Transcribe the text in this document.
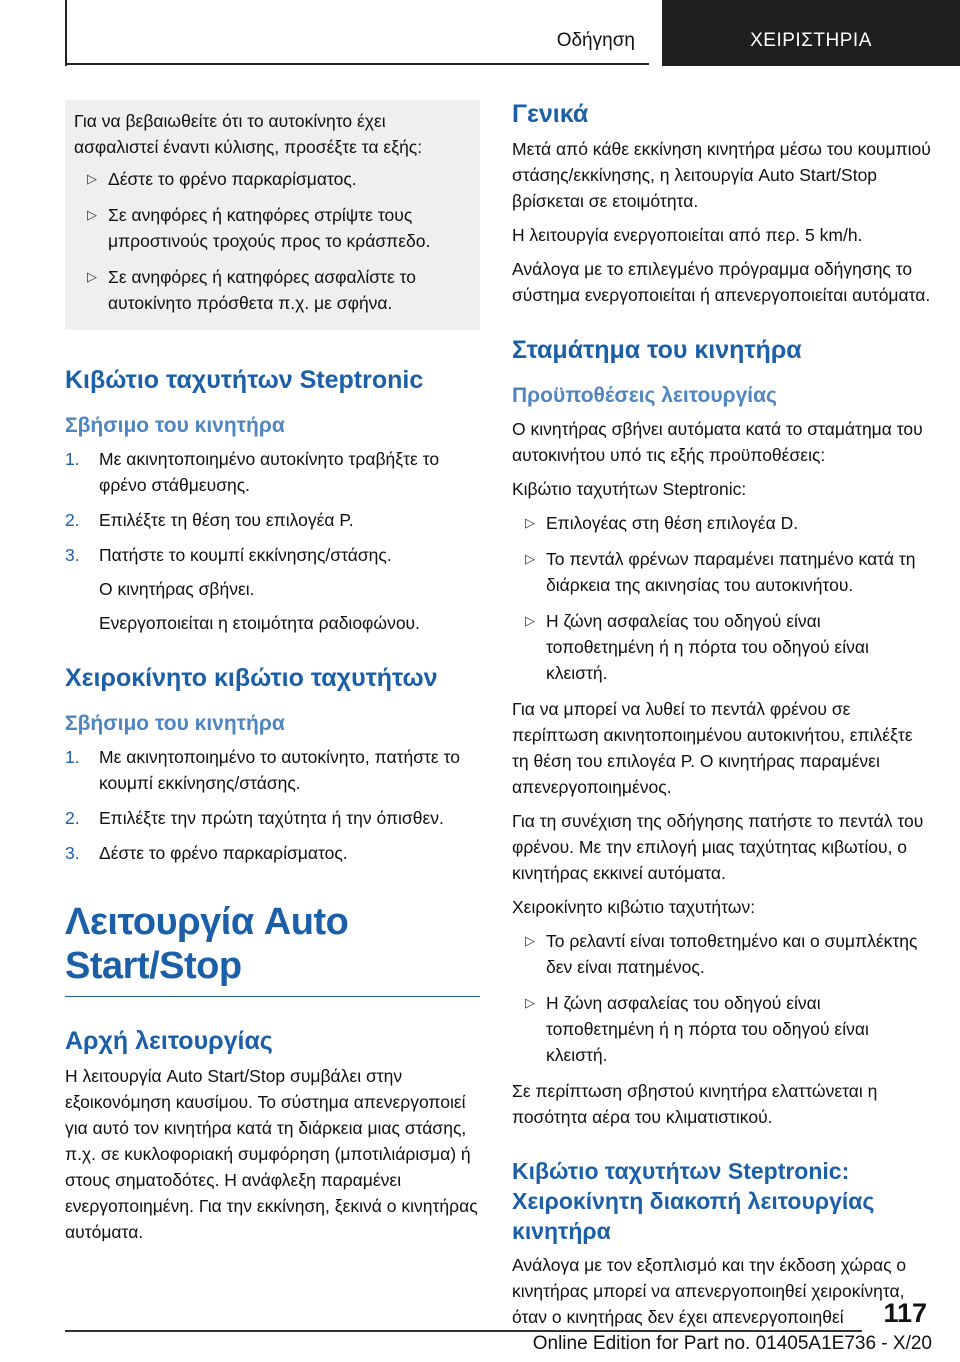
Οδήγηση	ΧΕΙΡΙΣΤΗΡΙΑ

Για να βεβαιωθείτε ότι το αυτοκίνητο έχει ασφαλιστεί έναντι κύλισης, προσέξτε τα εξής:

▷ Δέστε το φρένο παρκαρίσματος.
▷ Σε ανηφόρες ή κατηφόρες στρίψτε τους μπροστινούς τροχούς προς το κράσπεδο.
▷ Σε ανηφόρες ή κατηφόρες ασφαλίστε το αυτοκίνητο πρόσθετα π.χ. με σφήνα.
Κιβώτιο ταχυτήτων Steptronic
Σβήσιμο του κινητήρα
1. Με ακινητοποιημένο αυτοκίνητο τραβήξτε το φρένο στάθμευσης.
2. Επιλέξτε τη θέση του επιλογέα P.
3. Πατήστε το κουμπί εκκίνησης/στάσης.
Ο κινητήρας σβήνει.
Ενεργοποιείται η ετοιμότητα ραδιοφώνου.
Χειροκίνητο κιβώτιο ταχυτήτων
Σβήσιμο του κινητήρα
1. Με ακινητοποιημένο το αυτοκίνητο, πατήστε το κουμπί εκκίνησης/στάσης.
2. Επιλέξτε την πρώτη ταχύτητα ή την όπισθεν.
3. Δέστε το φρένο παρκαρίσματος.
Λειτουργία Auto Start/Stop
Αρχή λειτουργίας

Η λειτουργία Auto Start/Stop συμβάλει στην εξοικονόμηση καυσίμου. Το σύστημα απενεργοποιεί για αυτό τον κινητήρα κατά τη διάρκεια μιας στάσης, π.χ. σε κυκλοφοριακή συμφόρηση (μποτιλιάρισμα) ή στους σηματοδότες. Η ανάφλεξη παραμένει ενεργοποιημένη. Για την εκκίνηση, ξεκινά ο κινητήρας αυτόματα.

Γενικά

Μετά από κάθε εκκίνηση κινητήρα μέσω του κουμπιού στάσης/εκκίνησης, η λειτουργία Auto Start/Stop βρίσκεται σε ετοιμότητα.

Η λειτουργία ενεργοποιείται από περ. 5 km/h.

Ανάλογα με το επιλεγμένο πρόγραμμα οδήγησης το σύστημα ενεργοποιείται ή απενεργοποιείται αυτόματα.

Σταμάτημα του κινητήρα
Προϋποθέσεις λειτουργίας

Ο κινητήρας σβήνει αυτόματα κατά το σταμάτημα του αυτοκινήτου υπό τις εξής προϋποθέσεις:

Κιβώτιο ταχυτήτων Steptronic:

▷ Επιλογέας στη θέση επιλογέα D.
▷ Το πεντάλ φρένων παραμένει πατημένο κατά τη διάρκεια της ακινησίας του αυτοκινήτου.
▷ Η ζώνη ασφαλείας του οδηγού είναι τοποθετημένη ή η πόρτα του οδηγού είναι κλειστή.

Για να μπορεί να λυθεί το πεντάλ φρένου σε περίπτωση ακινητοποιημένου αυτοκινήτου, επιλέξτε τη θέση του επιλογέα P. Ο κινητήρας παραμένει απενεργοποιημένος.

Για τη συνέχιση της οδήγησης πατήστε το πεντάλ του φρένου. Με την επιλογή μιας ταχύτητας κιβωτίου, ο κινητήρας εκκινεί αυτόματα.

Χειροκίνητο κιβώτιο ταχυτήτων:

▷ Το ρελαντί είναι τοποθετημένο και ο συμπλέκτης δεν είναι πατημένος.
▷ Η ζώνη ασφαλείας του οδηγού είναι τοποθετημένη ή η πόρτα του οδηγού είναι κλειστή.

Σε περίπτωση σβηστού κινητήρα ελαττώνεται η ποσότητα αέρα του κλιματιστικού.

Κιβώτιο ταχυτήτων Steptronic:
Χειροκίνητη διακοπή λειτουργίας
κινητήρα

Ανάλογα με τον εξοπλισμό και την έκδοση χώρας ο κινητήρας μπορεί να απενεργοποιηθεί χειροκίνητα, όταν ο κινητήρας δεν έχει απενεργοποιηθεί	117
Online Edition for Part no. 01405A1E736 - X/20
